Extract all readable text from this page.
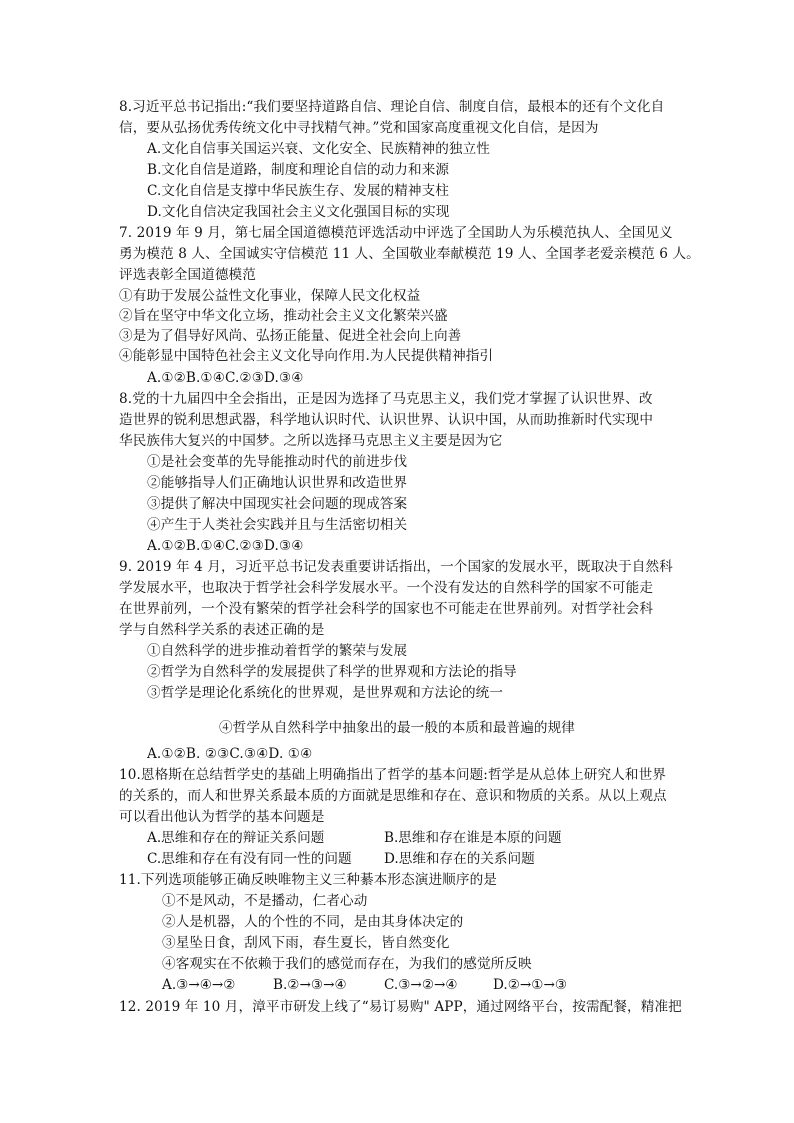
8.习近平总书记指出:“我们要坚持道路自信、理论自信、制度自信，最根本的还有个文化自
信，要从弘扬优秀传统文化中寻找精气神。”党和国家高度重视文化自信，是因为
A.文化自信事关国运兴衰、文化安全、民族精神的独立性
B.文化自信是道路，制度和理论自信的动力和来源
C.文化自信是支撑中华民族生存、发展的精神支柱
D.文化自信决定我国社会主义文化强国目标的实现
7. 2019 年 9 月，第七届全国道德模范评选活动中评选了全国助人为乐模范执人、全国见义
勇为模范 8 人、全国诚实守信模范 11 人、全国敬业奉献模范 19 人、全国孝老爱亲模范 6 人。
评选表彰全国道德模范
①有助于发展公益性文化事业，保障人民文化权益
②旨在坚守中华文化立场，推动社会主义文化繁荣兴盛
③是为了倡导好风尚、弘扬正能量、促进全社会向上向善
④能彰显中国特色社会主义文化导向作用.为人民提供精神指引
A.①②B.①④C.②③D.③④
8.党的十九届四中全会指出，正是因为选择了马克思主义，我们党才掌握了认识世界、改
造世界的锐利思想武器，科学地认识时代、认识世界、认识中国，从而助推新时代实现中
华民族伟大复兴的中国梦。之所以选择马克思主义主要是因为它
①是社会变革的先导能推动时代的前进步伐
②能够指导人们正确地认识世界和改造世界
③提供了解决中国现实社会问题的现成答案
④产生于人类社会实践并且与生活密切相关
A.①②B.①④C.②③D.③④
9. 2019 年 4 月，习近平总书记发表重要讲话指出，一个国家的发展水平，既取决于自然科
学发展水平，也取决于哲学社会科学发展水平。一个没有发达的自然科学的国家不可能走
在世界前列，一个没有繁荣的哲学社会科学的国家也不可能走在世界前列。对哲学社会科
学与自然科学关系的表述正确的是
①自然科学的进步推动着哲学的繁荣与发展
②哲学为自然科学的发展提供了科学的世界观和方法论的指导
③哲学是理论化系统化的世界观，是世界观和方法论的统一
④哲学从自然科学中抽象出的最一般的本质和最普遍的规律
A.①②B. ②③C.③④D. ①④
10.恩格斯在总结哲学史的基础上明确指出了哲学的基本问题:哲学是从总体上研究人和世界
的关系的，而人和世界关系最本质的方面就是思维和存在、意识和物质的关系。从以上观点
可以看出他认为哲学的基本问题是
A.思维和存在的辩证关系问题	B.思维和存在谁是本原的问题
C.思维和存在有没有同一性的问题 D.思维和存在的关系问题
11.下列选项能够正确反映唯物主义三种綦本形态演进顺序的是
①不是风动，不是播动，仁者心动
②人是机器，人的个性的不同，是由其身体决定的
③星坠日食，刮风下雨，春生夏长，皆自然变化
④客观实在不依赖于我们的感觉而存在，为我们的感觉所反映
A.③→④→②	B.②→③→④	C.③→②→④	D.②→①→③
12. 2019 年 10 月，漳平市研发上线了“易订易购" APP，通过网络平台，按需配餐，精准把
